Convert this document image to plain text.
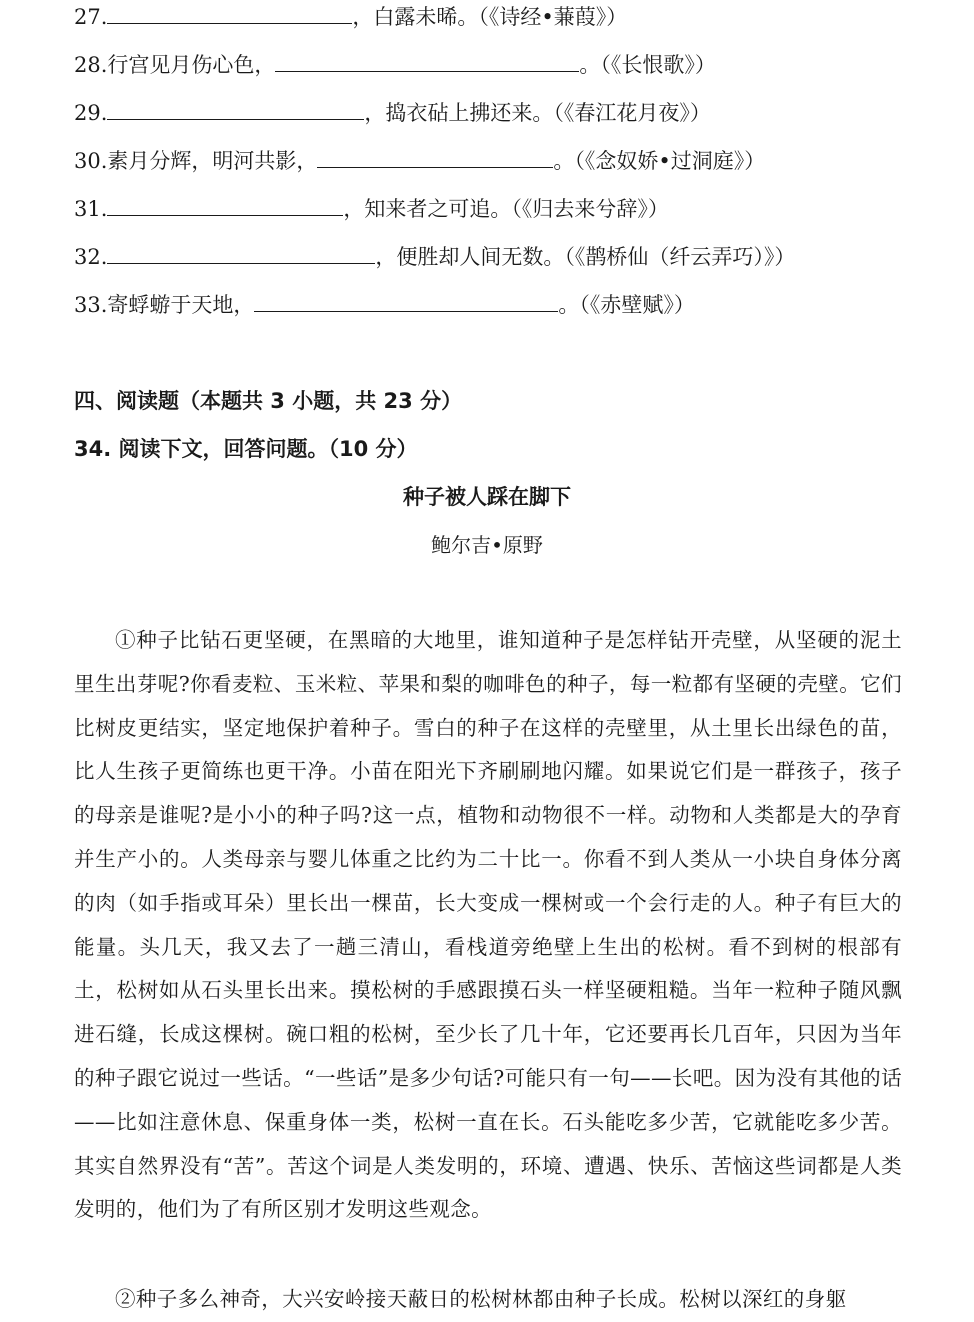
27.	，白露未晞。（《诗经•蒹葭》）
28.行宫见月伤心色，	。（《长恨歌》）
29.	，捣衣砧上拂还来。（《春江花月夜》）
30.素月分辉，明河共影，	。（《念奴娇•过洞庭》）
31.	，知来者之可追。（《归去来兮辞》）
32.	，便胜却人间无数。（《鹊桥仙（纤云弄巧）》）
33.寄蜉蝣于天地，	。（《赤壁赋》）
四、阅读题（本题共 3 小题，共 23 分）
34. 阅读下文，回答问题。（10 分）
种子被人踩在脚下
鲍尔吉•原野

①种子比钻石更坚硬，在黑暗的大地里，谁知道种子是怎样钻开壳壁，从坚硬的泥土里生出芽呢?你看麦粒、玉米粒、苹果和梨的咖啡色的种子，每一粒都有坚硬的壳壁。它们比树皮更结实，坚定地保护着种子。雪白的种子在这样的壳壁里，从土里长出绿色的苗，比人生孩子更简练也更干净。小苗在阳光下齐刷刷地闪耀。如果说它们是一群孩子，孩子的母亲是谁呢?是小小的种子吗?这一点，植物和动物很不一样。动物和人类都是大的孕育并生产小的。人类母亲与婴儿体重之比约为二十比一。你看不到人类从一小块自身体分离的肉（如手指或耳朵）里长出一棵苗，长大变成一棵树或一个会行走的人。种子有巨大的能量。头几天，我又去了一趟三清山，看栈道旁绝壁上生出的松树。看不到树的根部有土，松树如从石头里长出来。摸松树的手感跟摸石头一样坚硬粗糙。当年一粒种子随风飘进石缝，长成这棵树。碗口粗的松树，至少长了几十年，它还要再长几百年，只因为当年的种子跟它说过一些话。“一些话”是多少句话?可能只有一句——长吧。因为没有其他的话——比如注意休息、保重身体一类，松树一直在长。石头能吃多少苦，它就能吃多少苦。其实自然界没有“苦”。苦这个词是人类发明的，环境、遭遇、快乐、苦恼这些词都是人类发明的，他们为了有所区别才发明这些观念。

②种子多么神奇，大兴安岭接天蔽日的松树林都由种子长成。松树以深红的身躯
